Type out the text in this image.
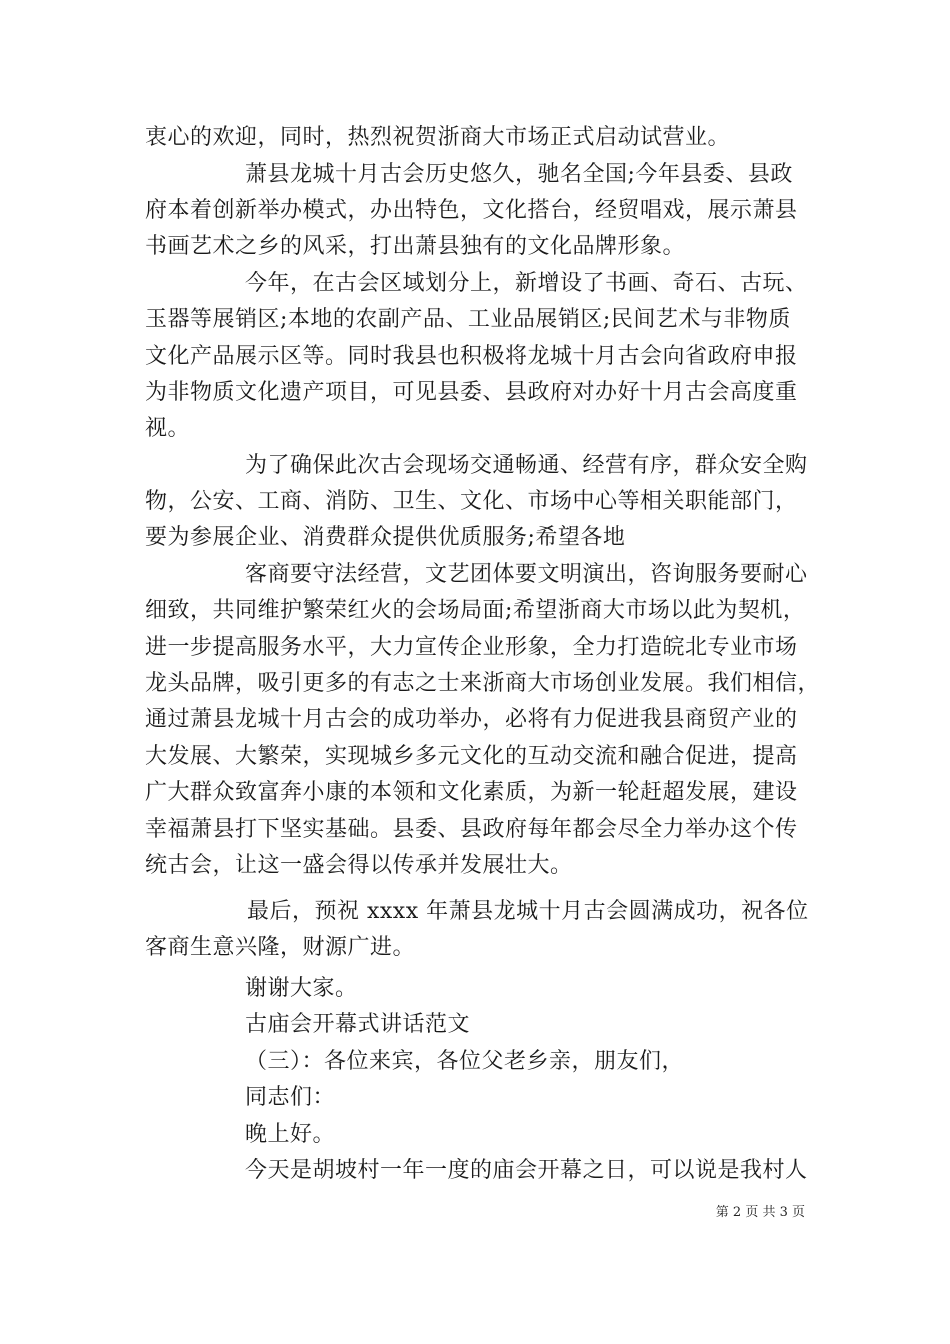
衷心的欢迎，同时，热烈祝贺浙商大市场正式启动试营业。
萧县龙城十月古会历史悠久，驰名全国;今年县委、县政
府本着创新举办模式，办出特色，文化搭台，经贸唱戏，展示萧县
书画艺术之乡的风采，打出萧县独有的文化品牌形象。
今年，在古会区域划分上，新增设了书画、奇石、古玩、
玉器等展销区;本地的农副产品、工业品展销区;民间艺术与非物质
文化产品展示区等。同时我县也积极将龙城十月古会向省政府申报
为非物质文化遗产项目，可见县委、县政府对办好十月古会高度重
视。
为了确保此次古会现场交通畅通、经营有序，群众安全购
物，公安、工商、消防、卫生、文化、市场中心等相关职能部门，
要为参展企业、消费群众提供优质服务;希望各地
客商要守法经营，文艺团体要文明演出，咨询服务要耐心
细致，共同维护繁荣红火的会场局面;希望浙商大市场以此为契机，
进一步提高服务水平，大力宣传企业形象，全力打造皖北专业市场
龙头品牌，吸引更多的有志之士来浙商大市场创业发展。我们相信，
通过萧县龙城十月古会的成功举办，必将有力促进我县商贸产业的
大发展、大繁荣，实现城乡多元文化的互动交流和融合促进，提高
广大群众致富奔小康的本领和文化素质，为新一轮赶超发展，建设
幸福萧县打下坚实基础。县委、县政府每年都会尽全力举办这个传
统古会，让这一盛会得以传承并发展壮大。
最后，预祝 xxxx 年萧县龙城十月古会圆满成功，祝各位
客商生意兴隆，财源广进。
谢谢大家。
古庙会开幕式讲话范文
（三）：各位来宾，各位父老乡亲，朋友们，
同志们：
晚上好。
今天是胡坡村一年一度的庙会开幕之日，可以说是我村人
第 2 页 共 3 页
